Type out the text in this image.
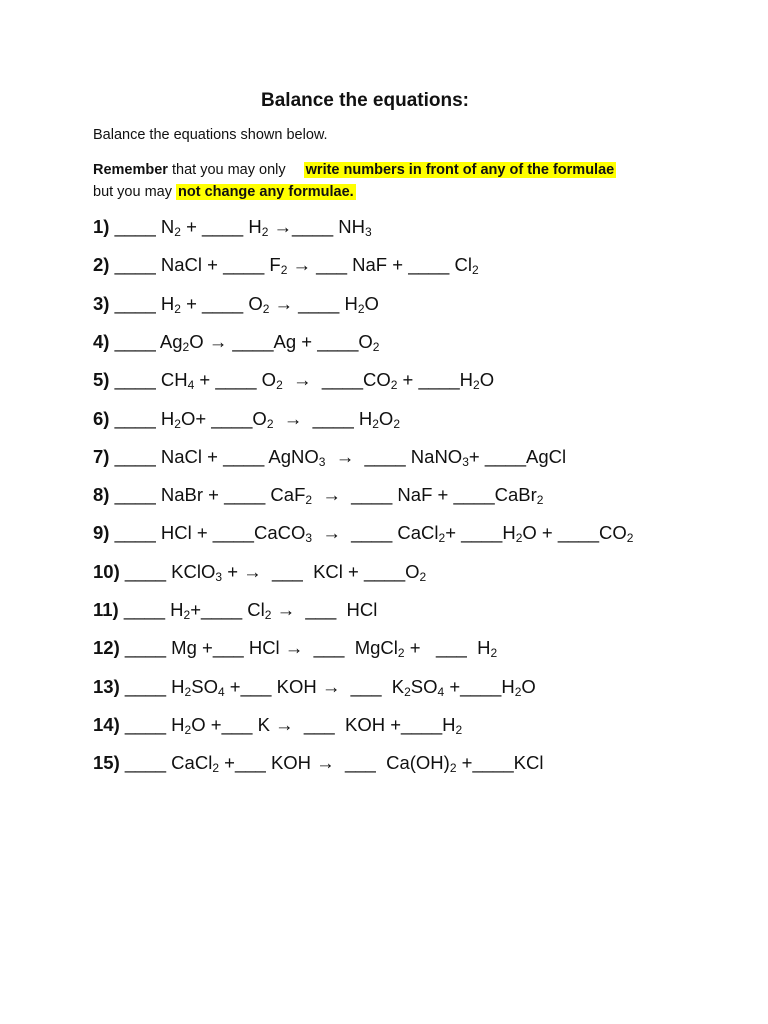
Balance the equations:
Balance the equations shown below.
Remember that you may only write numbers in front of any of the formulae
but you may not change any formulae.
1) ____ $N_2$ + ____ $H_2$ →____ $NH_3$
2) ____ NaCl + ____ $F_2$ → ___ NaF + ____ $Cl_2$
3) ____ $H_2$ + ____ $O_2$ → ____ $H_2O$
4) ____ $Ag_2O$ → ____Ag + $\_\_\_\_O_2$
5) ____ $CH_4$ + ____ $O_2$  →  $\_\_\_\_CO_2$ + $\_\_\_\_H_2O$
6) ____ $H_2O+$ $\_\_\_\_O_2$  →  ____ $H_2O_2$
7) ____ NaCl + ____ AgNO$_3$  →  ____ NaNO$_3$+ ____AgCl
8) ____ NaBr + ____ CaF$_2$  →  ____ NaF + ____CaBr$_2$
9) ____ HCl + ____CaCO$_3$  →  ____ CaCl$_2$+ $\_\_\_\_H_2O$ + $\_\_\_\_CO_2$
10) ____ KClO$_3$ + →  ___  KCl + $\_\_\_\_O_2$
11) ____ $H_2+\_\_\_\_$ $Cl_2$ →  ___  HCl
12) ____ Mg +___ HCl →  ___  MgCl$_2$ +   ___  $H_2$
13) ____ $H_2SO_4$ +___ KOH →  ___  $K_2SO_4$ $+\_\_\_\_H_2O$
14) ____ $H_2O$ +___ K →  ___  KOH $+\_\_\_\_H_2$
15) ____ CaCl$_2$ +___ KOH →  ___  $Ca(OH)_2$ +____KCl
